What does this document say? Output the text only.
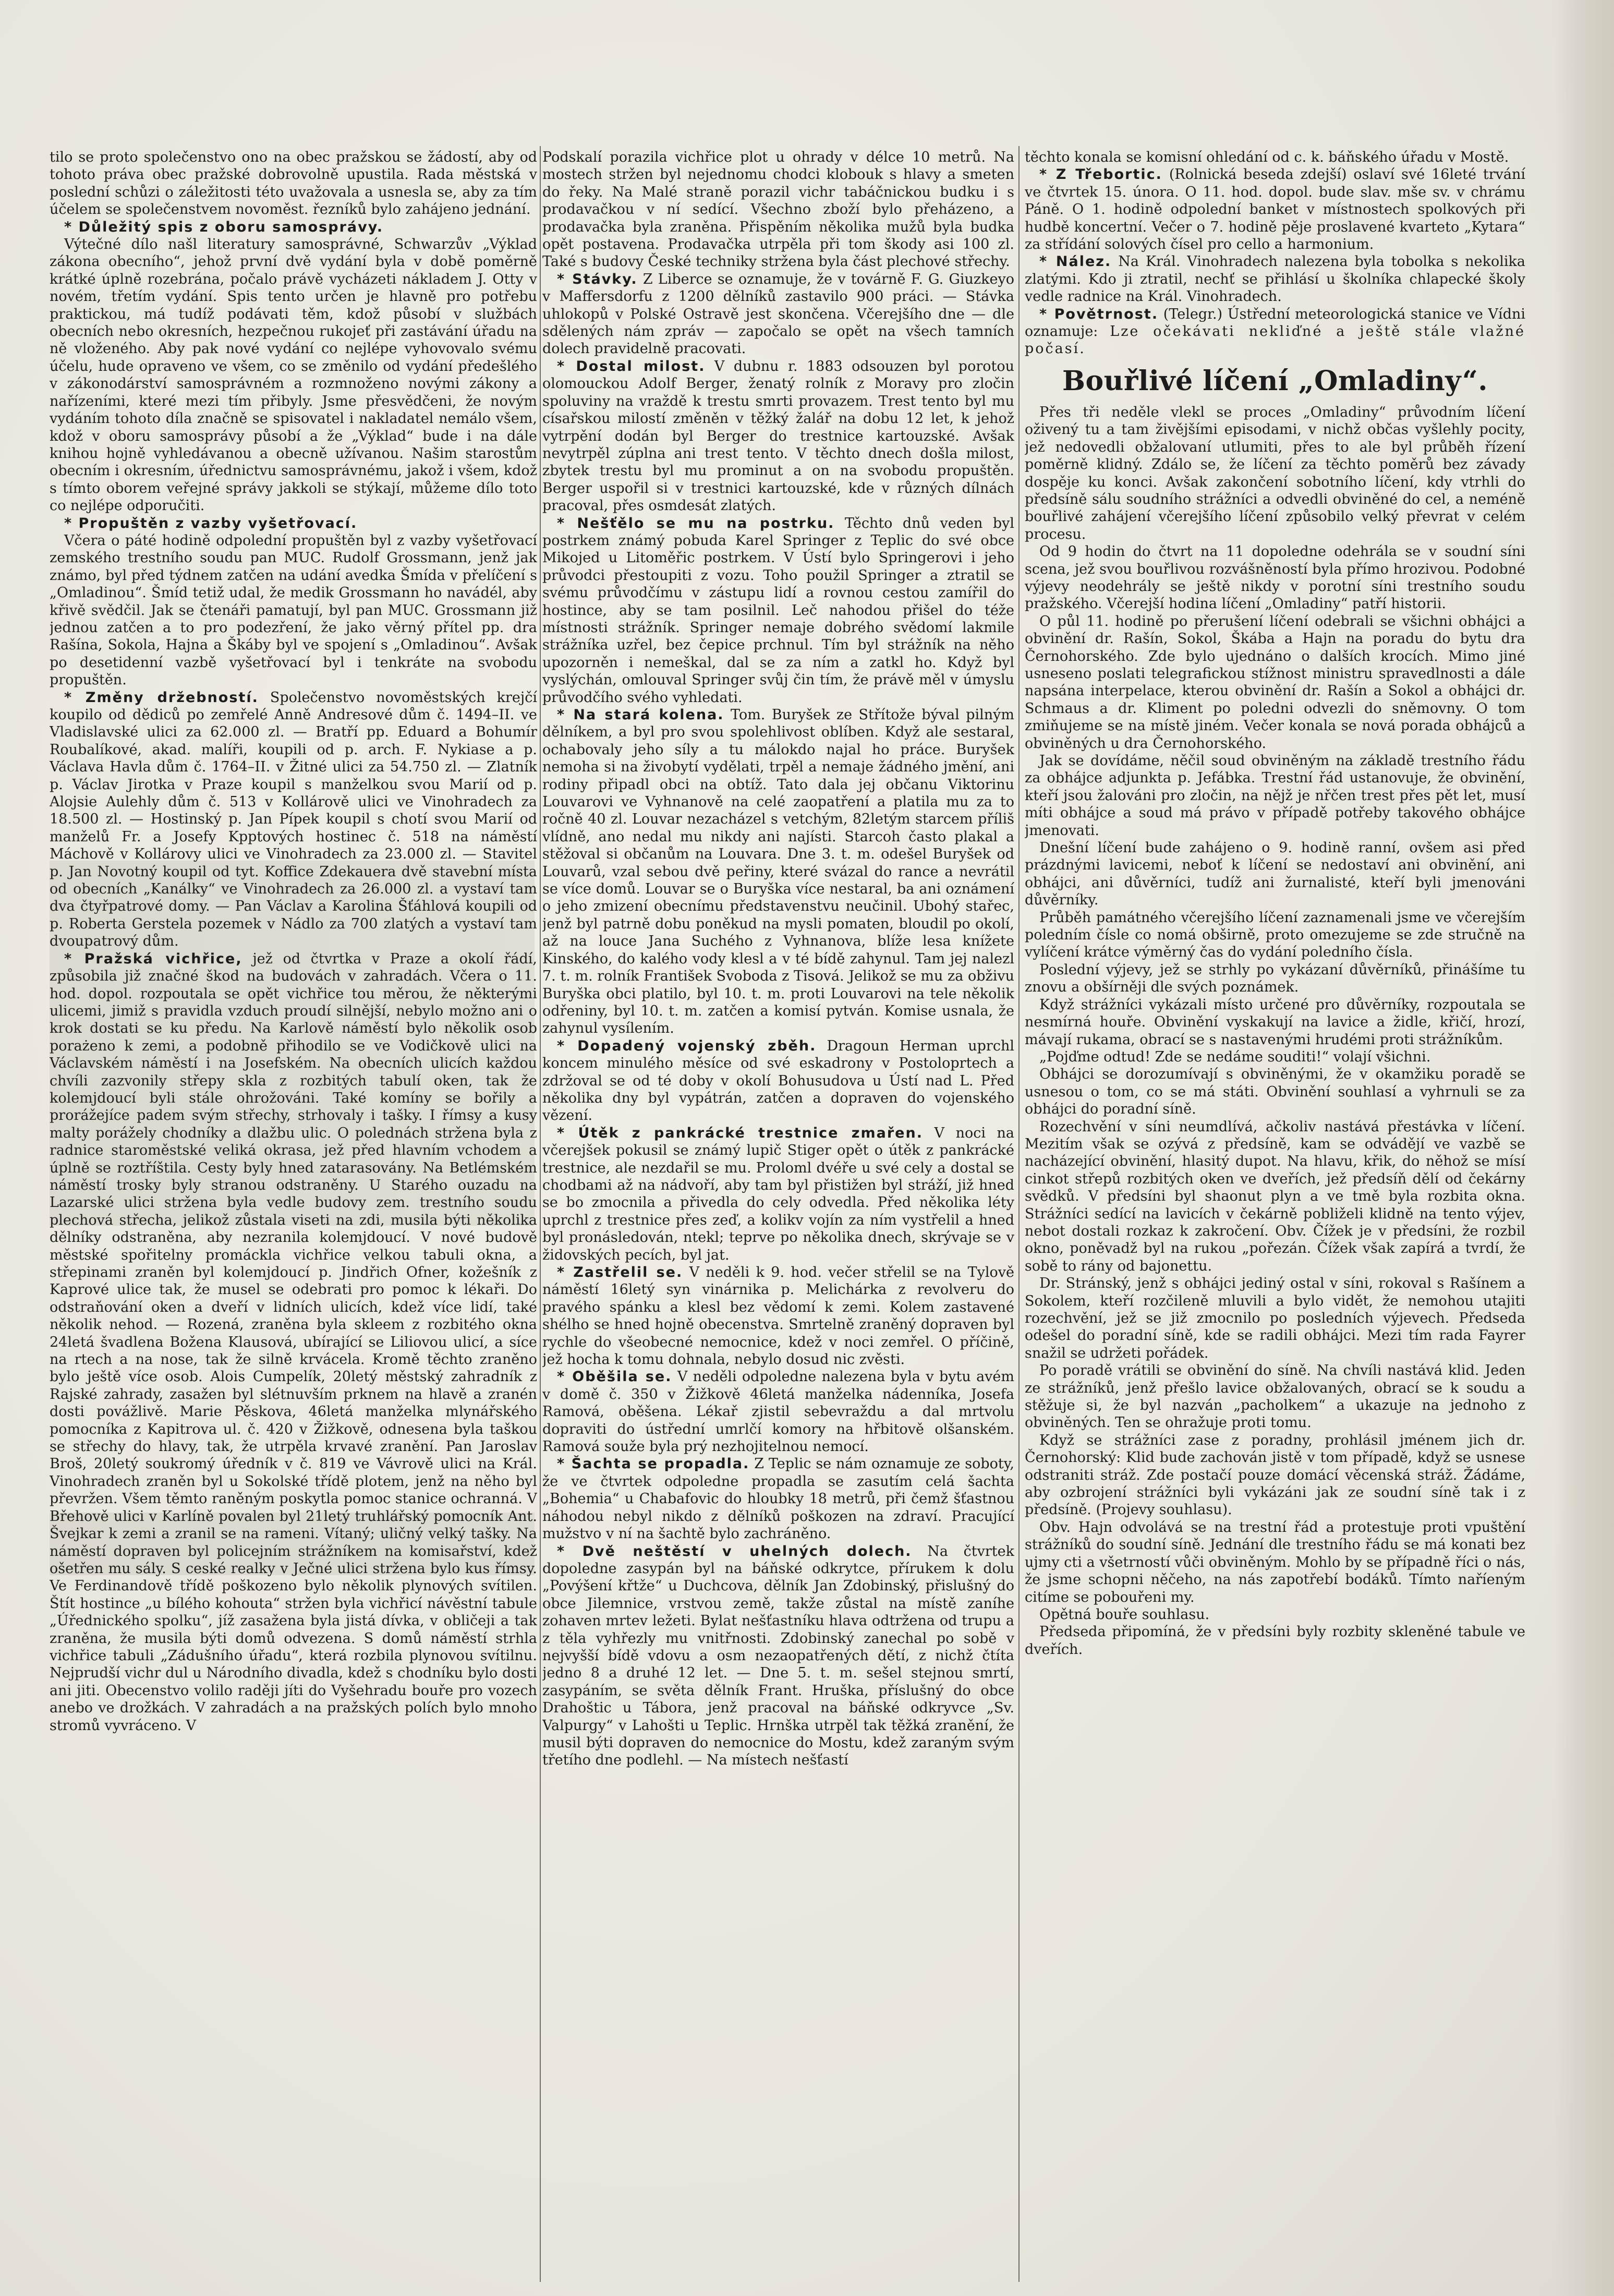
tilo se proto společenstvo ono na obec pražskou se žádostí, aby od tohoto práva obec pražské dobrovolně upustila. Rada městská v poslední schůzi o záležitosti této uvažovala a usnesla se, aby za tím účelem se společenstvem novoměst. řezníků bylo zahájeno jednání.

* Důležitý spis z oboru samosprávy.

Výtečné dílo našl literatury samosprávné, Schwarzův „Výklad zákona obecního“, jehož první dvě vydání byla v době poměrně krátké úplně rozebrána, počalo právě vycházeti nákladem J. Otty v novém, třetím vydání. Spis tento určen je hlavně pro potřebu praktickou, má tudíž podávati těm, kdož působí v službách obecních nebo okresních, hezpečnou rukojeť při zastávání úřadu na ně vloženého. Aby pak nové vydání co nejlépe vyhovovalo svému účelu, hude opraveno ve všem, co se změnilo od vydání předešlého v zákonodárství samosprávném a rozmnoženo novými zákony a nařízeními, které mezi tím přibyly. Jsme přesvědčeni, že novým vydáním tohoto díla značně se spisovatel i nakladatel nemálo všem, kdož v oboru samosprávy působí a že „Výklad“ bude i na dále knihou hojně vyhledávanou a obecně užívanou. Našim starostům obecním i okresním, úřednictvu samosprávnému, jakož i všem, kdož s tímto oborem veřejné správy jakkoli se stýkají, můžeme dílo toto co nejlépe odporučiti.

* Propuštěn z vazby vyšetřovací.

Včera o páté hodině odpolední propuštěn byl z vazby vyšetřovací zemského trestního soudu pan MUC. Rudolf Grossmann, jenž jak známo, byl před týdnem zatčen na udání avedka Šmída v přelíčení s „Omladinou“. Šmíd tetiž udal, že medik Grossmann ho navádél, aby křivě svědčil. Jak se čtenáři pamatují, byl pan MUC. Grossmann již jednou zatčen a to pro podezření, že jako věrný přítel pp. dra Rašína, Sokola, Hajna a Škáby byl ve spojení s „Omladinou“. Avšak po desetidenní vazbě vyšetřovací byl i tenkráte na svobodu propuštěn.

* Změny držebností. Společenstvo novoměstských krejčí koupilo od dědiců po zemřelé Anně Andresové dům č. 1494–II. ve Vladislavské ulici za 62.000 zl. — Bratří pp. Eduard a Bohumír Roubalíkové, akad. malíři, koupili od p. arch. F. Nykiase a p. Václava Havla dům č. 1764–II. v Žitné ulici za 54.750 zl. — Zlatník p. Václav Jirotka v Praze koupil s manželkou svou Marií od p. Alojsie Aulehly dům č. 513 v Kollárově ulici ve Vinohradech za 18.500 zl. — Hostinský p. Jan Pípek koupil s chotí svou Marií od manželů Fr. a Josefy Kpptových hostinec č. 518 na náměstí Máchově v Kollárovy ulici ve Vinohradech za 23.000 zl. — Stavitel p. Jan Novotný koupil od tyt. Koffice Zdekauera dvě stavební místa od obecních „Kanálky“ ve Vinohradech za 26.000 zl. a vystaví tam dva čtyřpatrové domy. — Pan Václav a Karolina Šťáhlová koupili od p. Roberta Gerstela pozemek v Nádlo za 700 zlatých a vystaví tam dvoupatrový dům.

* Pražská vichřice, jež od čtvrtka v Praze a okolí řádí, způsobila již značné škod na budovách v zahradách. Včera o 11. hod. dopol. rozpoutala se opět vichřice tou měrou, že některými ulicemi, jimiž s pravidla vzduch proudí silnější, nebylo možno ani o krok dostati se ku předu. Na Karlově náměstí bylo několik osob porażeno k zemi, a podobně přihodilo se ve Vodičkově ulici na Václavském náměstí i na Josefském. Na obecních ulicích každou chvíli zazvonily střepy skla z rozbitých tabulí oken, tak že kolemjdoucí byli stále ohrožováni. Také komíny se bořily a prorážejíce padem svým střechy, strhovaly i tašky. I římsy a kusy malty porážely chodníky a dlažbu ulic. O polednách stržena byla z radnice staroměstské veliká okrasa, jež před hlavním vchodem a úplně se roztříštila. Cesty byly hned zatarasovány. Na Betlémském náměstí trosky byly stranou odstraněny. U Starého ouzadu na Lazarské ulici stržena byla vedle budovy zem. trestního soudu plechová střecha, jelikož zůstala viseti na zdi, musila býti několika dělníky odstraněna, aby nezranila kolemjdoucí. V nové budově městské spořitelny promáckla vichřice velkou tabuli okna, a střepinami zraněn byl kolemjdoucí p. Jindřich Ofner, kožešník z Kaprové ulice tak, že musel se odebrati pro pomoc k lékaři. Do odstraňování oken a dveří v lidních ulicích, kdež více lidí, také několik nehod. — Rozená, zraněna byla skleem z rozbitého okna 24letá švadlena Božena Klausová, ubírající se Liliovou ulicí, a síce na rtech a na nose, tak že silně krvácela. Kromě těchto zraněno bylo ještě více osob. Alois Cumpelík, 20letý městský zahradník z Rajské zahrady, zasažen byl slétnuvším prknem na hlavě a zranén dosti povážlivě. Marie Pěskova, 46letá manželka mlynářského pomocníka z Kapitrova ul. č. 420 v Žižkově, odnesena byla taškou se střechy do hlavy, tak, že utrpěla krvavé zranění. Pan Jaroslav Broš, 20letý soukromý úředník v č. 819 ve Vávrově ulici na Král. Vinohradech zraněn byl u Sokolské třídě plotem, jenž na něho byl převržen. Všem těmto raněným poskytla pomoc stanice ochranná. V Břehově ulici v Karlíně povalen byl 21letý truhlářský pomocník Ant. Švejkar k zemi a zranil se na rameni. Vítaný; uličný velký tašky. Na náměstí dopraven byl policejním strážníkem na komisařství, kdež ošetřen mu sály. S ceské realky v Ječné ulici stržena bylo kus římsy. Ve Ferdinandově třídě poškozeno bylo několik plynových svítilen. Štít hostince „u bílého kohouta“ stržen byla vichřicí návěstní tabule „Úřednického spolku“, jíž zasažena byla jistá dívka, v obličeji a tak zraněna, že musila býti domů odvezena. S domů náměstí strhla vichřice tabuli „Zádušního úřadu“, která rozbila plynovou svítilnu. Nejprudší vichr dul u Národního divadla, kdež s chodníku bylo dosti ani jiti. Obecenstvo volilo raději jíti do Vyšehradu bouře pro vozech anebo ve drožkách. V zahradách a na pražských polích bylo mnoho stromů vyvráceno. V

Podskalí porazila vichřice plot u ohrady v délce 10 metrů. Na mostech stržen byl nejednomu chodci klobouk s hlavy a smeten do řeky. Na Malé straně porazil vichr tabáčnickou budku i s prodavačkou v ní sedící. Všechno zboží bylo přeházeno, a prodavačka byla zraněna. Přispěním několika mužů byla budka opět postavena. Prodavačka utrpěla při tom škody asi 100 zl. Také s budovy České techniky stržena byla část plechové střechy.

* Stávky. Z Liberce se oznamuje, že v továrně F. G. Giuzkeyo v Maffersdorfu z 1200 dělníků zastavilo 900 práci. — Stávka uhlokopů v Polské Ostravě jest skončena. Včerejšího dne — dle sdělených nám zpráv — započalo se opět na všech tamních dolech pravidelně pracovati.

* Dostal milost. V dubnu r. 1883 odsouzen byl porotou olomouckou Adolf Berger, ženatý rolník z Moravy pro zločin spoluviny na vraždě k trestu smrti provazem. Trest tento byl mu císařskou milostí změněn v těžký žalář na dobu 12 let, k jehož vytrpění dodán byl Berger do trestnice kartouzské. Avšak nevytrpěl zúplna ani trest tento. V těchto dnech došla milost, zbytek trestu byl mu prominut a on na svobodu propuštěn. Berger uspořil si v trestnici kartouzské, kde v různých dílnách pracoval, přes osmdesát zlatých.

* Nešťělo se mu na postrku. Těchto dnů veden byl postrkem známý pobuda Karel Springer z Teplic do své obce Mikojed u Litoměřic postrkem. V Ústí bylo Springerovi i jeho průvodci přestoupiti z vozu. Toho použil Springer a ztratil se svému průvodčímu v zástupu lidí a rovnou cestou zamířil do hostince, aby se tam posilnil. Leč nahodou přišel do téže místnosti strážník. Springer nemaje dobrého svědomí lakmile strážníka uzřel, bez čepice prchnul. Tím byl strážník na něho upozorněn i nemeškal, dal se za ním a zatkl ho. Když byl vyslýchán, omlouval Springer svůj čin tím, že právě měl v úmyslu průvodčího svého vyhledati.

* Na stará kolena. Tom. Buryšek ze Střítože býval pilným dělníkem, a byl pro svou spolehlivost oblíben. Když ale sestaral, ochabovaly jeho síly a tu málokdo najal ho práce. Buryšek nemoha si na živobytí vydělati, trpěl a nemaje žádného jmění, ani rodiny připadl obci na obtíž. Tato dala jej občanu Viktorinu Louvarovi ve Vyhnanově na celé zaopatření a platila mu za to ročně 40 zl. Louvar nezacházel s vetchým, 82letým starcem příliš vlídně, ano nedal mu nikdy ani najísti. Starcoh často plakal a stěžoval si občanům na Louvara. Dne 3. t. m. odešel Buryšek od Louvarů, vzal sebou dvě peřiny, které svázal do rance a nevrátil se více domů. Louvar se o Buryška více nestaral, ba ani oznámení o jeho zmizení obecnímu představenstvu neučinil. Ubohý stařec, jenž byl patrně dobu poněkud na mysli pomaten, bloudil po okolí, až na louce Jana Suchého z Vyhnanova, blíže lesa knížete Kinského, do kalého vody klesl a v té bídě zahynul. Tam jej nalezl 7. t. m. rolník František Svoboda z Tisová. Jelikož se mu za obživu Buryška obci platilo, byl 10. t. m. proti Louvarovi na tele několik odřeniny, byl 10. t. m. zatčen a komisí pytván. Komise usnala, že zahynul vysílením.

* Dopadený vojenský zběh. Dragoun Herman uprchl koncem minulého měsíce od své eskadrony v Postoloprtech a zdržoval se od té doby v okolí Bohusudova u Ústí nad L. Před několika dny byl vypátrán, zatčen a dopraven do vojenského vězení.

* Útěk z pankrácké trestnice zmařen. V noci na včerejšek pokusil se známý lupič Stiger opět o útěk z pankrácké trestnice, ale nezdařil se mu. Proloml dvéře u své cely a dostal se chodbami až na nádvoří, aby tam byl přistižen byl stráží, již hned se bo zmocnila a přivedla do cely odvedla. Před několika léty uprchl z trestnice přes zeď, a kolikv vojín za ním vystřelil a hned byl pronásledován, ntekl; teprve po několika dnech, skrývaje se v židovských pecích, byl jat.

* Zastřelil se. V neděli k 9. hod. večer střelil se na Tylově náměstí 16letý syn vinárnika p. Melichárka z revolveru do pravého spánku a klesl bez vědomí k zemi. Kolem zastavené shélho se hned hojně obecenstva. Smrtelně zraněný dopraven byl rychle do všeobecné nemocnice, kdež v noci zemřel. O příčině, jež hocha k tomu dohnala, nebylo dosud nic zvěsti.

* Oběšila se. V neděli odpoledne nalezena byla v bytu avém v domě č. 350 v Žižkově 46letá manželka nádenníka, Josefa Ramová, oběšena. Lékař zjistil sebevraždu a dal mrtvolu dopraviti do ústřední umrlčí komory na hřbitově olšanském. Ramová souže byla prý nezhojitelnou nemocí.

* Šachta se propadla. Z Teplic se nám oznamuje ze soboty, že ve čtvrtek odpoledne propadla se zasutím celá šachta „Bohemia“ u Chabafovic do hloubky 18 metrů, při čemž šťastnou náhodou nebyl nikdo z dělníků poškozen na zdraví. Pracující mužstvo v ní na šachtě bylo zachráněno.

* Dvě neštěstí v uhelných dolech. Na čtvrtek dopoledne zasypán byl na báňské odkrytce, přírukem k dolu „Povýšení křtže“ u Duchcova, dělník Jan Zdobinský, přislušný do obce Jilemnice, vrstvou země, takže zůstal na místě zaníhe zohaven mrtev ležeti. Bylat nešťastníku hlava odtržena od trupu a z těla vyhřezly mu vnitřnosti. Zdobinský zanechal po sobě v nejvyšší bídě vdovu a osm nezaopatřených dětí, z nichž čtíta jedno 8 a druhé 12 let. — Dne 5. t. m. sešel stejnou smrtí, zasypáním, se světa dělník Frant. Hruška, příslušný do obce Drahoštic u Tábora, jenž pracoval na báňské odkryvce „Sv. Valpurgy“ v Lahošti u Teplic. Hrnška utrpěl tak těžká zranění, že musil býti dopraven do nemocnice do Mostu, kdež zaraným svým třetího dne podlehl. — Na místech nešťastí

těchto konala se komisní ohledání od c. k. báňského úřadu v Mostě.

* Z Třebortic. (Rolnická beseda zdejší) oslaví své 16leté trvání ve čtvrtek 15. února. O 11. hod. dopol. bude slav. mše sv. v chrámu Páně. O 1. hodině odpolední banket v místnostech spolkových při hudbě koncertní. Večer o 7. hodině pěje proslavené kvarteto „Kytara“ za střídání solových čísel pro cello a harmonium.

* Nález. Na Král. Vinohradech nalezena byla tobolka s nekolika zlatými. Kdo ji ztratil, nechť se přihlásí u školníka chlapecké školy vedle radnice na Král. Vinohradech.

* Povětrnost. (Telegr.) Ústřední meteorologická stanice ve Vídni oznamuje: Lze očekávati nekliďné a ještě stále vlažné počasí.

Bouřlivé líčení „Omladiny“.

Přes tři neděle vlekl se proces „Omladiny“ průvodním líčení oživený tu a tam živějšími episodami, v nichž občas vyšlehly pocity, jež nedovedli obžalovaní utlumiti, přes to ale byl průběh řízení poměrně klidný. Zdálo se, že líčení za těchto poměrů bez závady dospěje ku konci. Avšak zakončení sobotního líčení, kdy vtrhli do předsíně sálu soudního strážníci a odvedli obviněné do cel, a neméně bouřlivé zahájení včerejšího líčení způsobilo velký převrat v celém procesu.

Od 9 hodin do čtvrt na 11 dopoledne odehrála se v soudní síni scena, jež svou bouřlivou rozvášněností byla přímo hrozivou. Podobné výjevy neodehrály se ještě nikdy v porotní síni trestního soudu pražského. Včerejší hodina líčení „Omladiny“ patří historii.

O půl 11. hodině po přerušení líčení odebrali se všichni obhájci a obvinění dr. Rašín, Sokol, Škába a Hajn na poradu do bytu dra Černohorského. Zde bylo ujednáno o dalších krocích. Mimo jiné usneseno poslati telegrafickou stížnost ministru spravedlnosti a dále napsána interpelace, kterou obvinění dr. Rašín a Sokol a obhájci dr. Schmaus a dr. Kliment po poledni odvezli do sněmovny. O tom zmiňujeme se na místě jiném. Večer konala se nová porada obhájců a obviněných u dra Černohorského.

Jak se dovídáme, něčil soud obviněným na základě trestního řádu za obhájce adjunkta p. Jefábka. Trestní řád ustanovuje, že obvinění, kteří jsou žalováni pro zločin, na nějž je nřčen trest přes pět let, musí míti obhájce a soud má právo v případě potřeby takového obhájce jmenovati.

Dnešní líčení bude zahájeno o 9. hodině ranní, ovšem asi před prázdnými lavicemi, neboť k líčení se nedostaví ani obvinění, ani obhájci, ani důvěrníci, tudíž ani žurnalisté, kteří byli jmenováni důvěrníky.

Průběh památného včerejšího líčení zaznamenali jsme ve včerejším poledním čísle co nomá obširně, proto omezujeme se zde stručně na vylíčení krátce výměrný čas do vydání poledního čísla.

Poslední výjevy, jež se strhly po vykázaní důvěrníků, přinášíme tu znovu a obšírněji dle svých poznámek.

Když strážníci vykázali místo určené pro důvěrníky, rozpoutala se nesmírná houře. Obvinění vyskakují na lavice a židle, křičí, hrozí, mávají rukama, obrací se s nastavenými hrudémi proti strážníkům.

„Pojďme odtud! Zde se nedáme souditi!“ volají všichni.

Obhájci se dorozumívají s obviněnými, že v okamžiku poradě se usnesou o tom, co se má státi. Obvinění souhlasí a vyhrnuli se za obhájci do poradní síně.

Rozechvění v síni neumdlívá, ačkoliv nastává přestávka v líčení. Mezitím však se ozývá z předsíně, kam se odvádějí ve vazbě se nacházející obvinění, hlasitý dupot. Na hlavu, křik, do něhož se mísí cinkot střepů rozbitých oken ve dveřích, jež předsíň dělí od čekárny svědků. V předsíni byl shaonut plyn a ve tmě byla rozbita okna. Strážníci sedící na lavicích v čekárně pobliželi klidně na tento výjev, nebot dostali rozkaz k zakročení. Obv. Čížek je v předsíni, že rozbil okno, poněvadž byl na rukou „pořezán. Čížek však zapírá a tvrdí, že sobě to rány od bajonettu.

Dr. Stránský, jenž s obhájci jediný ostal v síni, rokoval s Rašínem a Sokolem, kteří rozčileně mluvili a bylo vidět, že nemohou utajiti rozechvění, jež se již zmocnilo po posledních výjevech. Předseda odešel do poradní síně, kde se radili obhájci. Mezi tím rada Fayrer snažil se udržeti pořádek.

Po poradě vrátili se obvinění do síně. Na chvíli nastává klid. Jeden ze strážníků, jenž přešlo lavice obžalovaných, obrací se k soudu a stěžuje si, že byl nazván „pacholkem“ a ukazuje na jednoho z obviněných. Ten se ohražuje proti tomu.

Když se strážníci zase z poradny, prohlásil jménem jich dr. Černohorský: Klid bude zachován jistě v tom případě, když se usnese odstraniti stráž. Zde postačí pouze domácí věcenská stráž. Žádáme, aby ozbrojení strážníci byli vykázáni jak ze soudní síně tak i z předsíně. (Projevy souhlasu).

Obv. Hajn odvolává se na trestní řád a protestuje proti vpuštění strážníků do soudní síně. Jednání dle trestního řádu se má konati bez ujmy cti a všetrností vůči obviněným. Mohlo by se případně říci o nás, že jsme schopni něčeho, na nás zapotřebí bodáků. Tímto naříeným citíme se pobouřeni my.

Opětná bouře souhlasu.

Předseda připomíná, že v předsíni byly rozbity skleněné tabule ve dveřích.
